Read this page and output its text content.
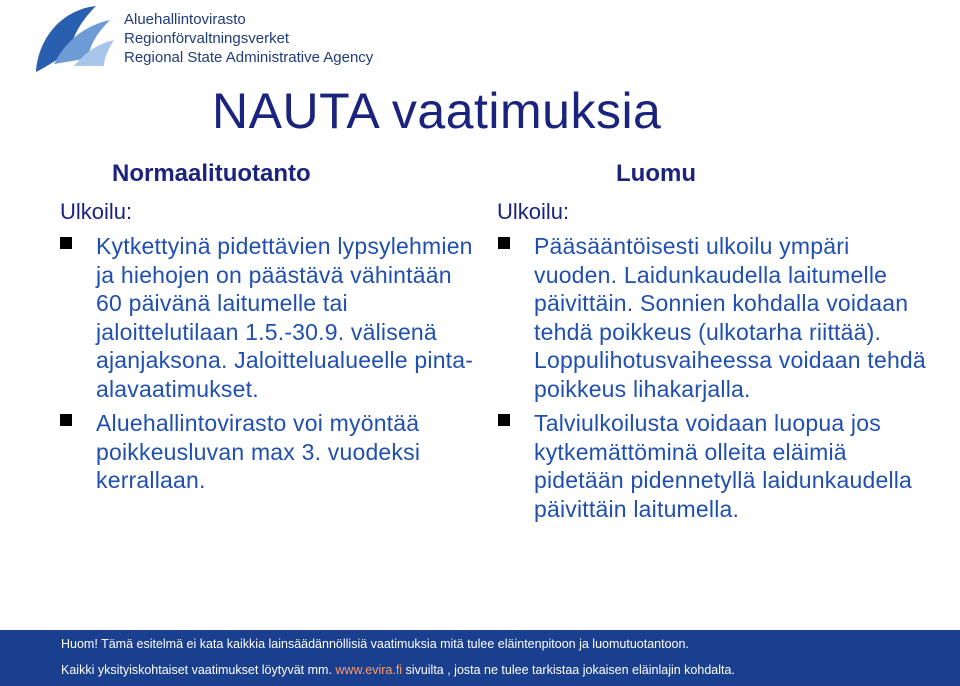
Aluehallintovirasto
Regionförvaltningsverket
Regional State Administrative Agency
NAUTA vaatimuksia
Normaalituotanto
Ulkoilu:
Kytkettyinä pidettävien lypsylehmien ja hiehojen on päästävä vähintään 60 päivänä laitumelle tai jaloittelutilaan 1.5.-30.9. välisenä ajanjaksona. Jaloittelualueelle pinta-alavaatimukset.
Aluehallintovirasto voi myöntää poikkeusluvan max 3. vuodeksi kerrallaan.
Luomu
Ulkoilu:
Pääsääntöisesti ulkoilu ympäri vuoden. Laidunkaudella laitumelle päivittäin. Sonnien kohdalla voidaan tehdä poikkeus (ulkotarha riittää). Loppulihotusvaiheessa voidaan tehdä poikkeus lihakarjalla.
Talviulkoilusta voidaan luopua jos kytkemättöminä olleita eläimiä pidetään pidennetyllä laidunkaudella päivittäin laitumella.
Huom! Tämä esitelmä ei kata kaikkia lainsäädännöllisiä vaatimuksia mitä tulee eläintenpitoon ja luomutuotantoon.
Kaikki yksityiskohtaiset vaatimukset löytyvät mm. www.evira.fi sivuilta , josta ne tulee tarkistaa jokaisen eläinlajin kohdalta.
